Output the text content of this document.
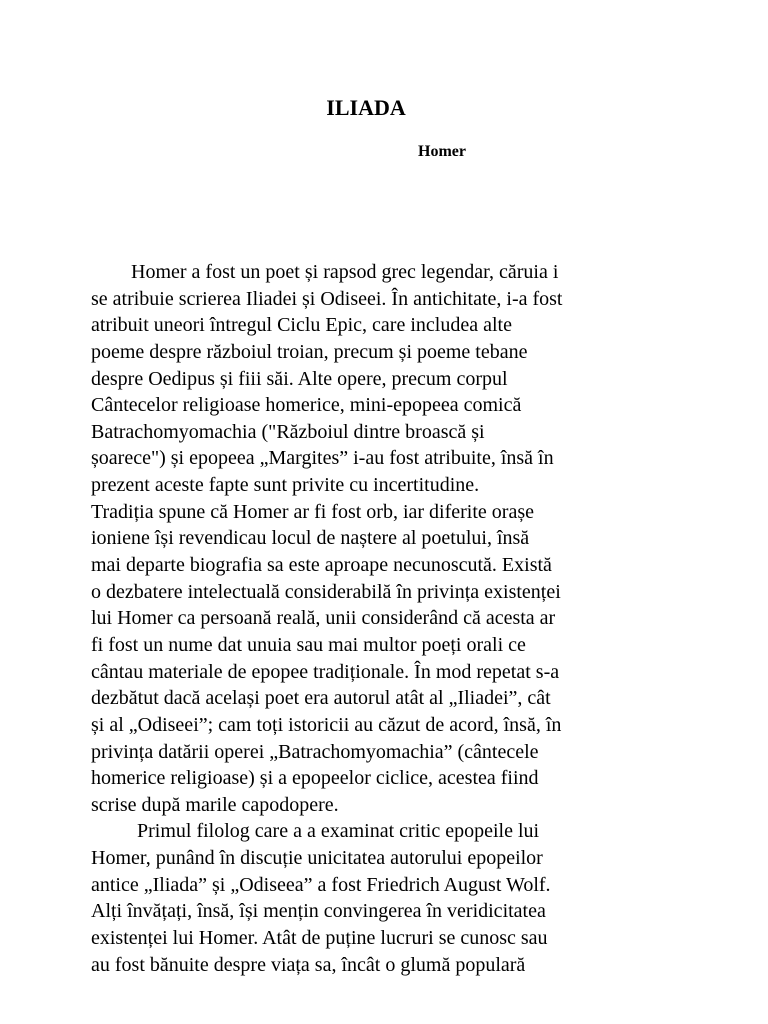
ILIADA

Homer

Homer a fost un poet și rapsod grec legendar, căruia i
se atribuie scrierea Iliadei și Odiseei. În antichitate, i-a fost
atribuit uneori întregul Ciclu Epic, care includea alte
poeme despre războiul troian, precum și poeme tebane
despre Oedipus și fiii săi. Alte opere, precum corpul
Cântecelor religioase homerice, mini-epopeea comică
Batrachomyomachia ("Războiul dintre broască și
șoarece") și epopeea „Margites” i-au fost atribuite, însă în
prezent aceste fapte sunt privite cu incertitudine.
Tradiția spune că Homer ar fi fost orb, iar diferite orașe
ioniene își revendicau locul de naștere al poetului, însă
mai departe biografia sa este aproape necunoscută. Există
o dezbatere intelectuală considerabilă în privința existenței
lui Homer ca persoană reală, unii considerând că acesta ar
fi fost un nume dat unuia sau mai multor poeți orali ce
cântau materiale de epopee tradiționale. În mod repetat s-a
dezbătut dacă același poet era autorul atât al „Iliadei”, cât
și al „Odiseei”; cam toți istoricii au căzut de acord, însă, în
privința datării operei „Batrachomyomachia” (cântecele
homerice religioase) și a epopeelor ciclice, acestea fiind
scrise după marile capodopere.
Primul filolog care a a examinat critic epopeile lui
Homer, punând în discuție unicitatea autorului epopeilor
antice „Iliada” și „Odiseea” a fost Friedrich August Wolf.
Alți învățați, însă, își mențin convingerea în veridicitatea
existenței lui Homer. Atât de puține lucruri se cunosc sau
au fost bănuite despre viața sa, încât o glumă populară
